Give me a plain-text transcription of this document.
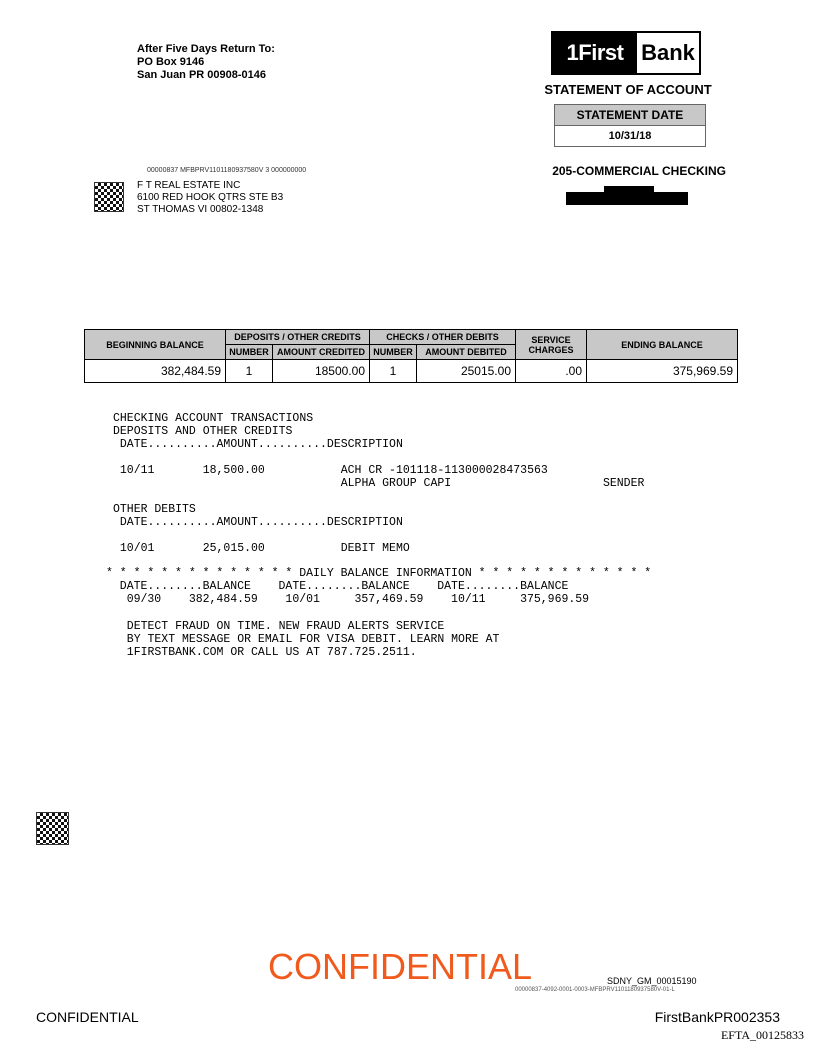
After Five Days Return To:
PO Box 9146
San Juan PR 00908-0146
1First Bank
STATEMENT OF ACCOUNT
STATEMENT DATE
10/31/18
205-COMMERCIAL CHECKING
00000837 MFBPRV1101180937580V 3 000000000
F T REAL ESTATE INC
6100 RED HOOK QTRS STE B3
ST THOMAS VI 00802-1348
BEGINNING BALANCE	DEPOSITS / OTHER CREDITS		CHECKS / OTHER DEBITS		SERVICE CHARGES	ENDING BALANCE
	NUMBER	AMOUNT CREDITED	NUMBER	AMOUNT DEBITED		
382,484.59	1	18500.00	1	25015.00	.00	375,969.59
CHECKING ACCOUNT TRANSACTIONS
DEPOSITS AND OTHER CREDITS
DATE..........AMOUNT..........DESCRIPTION
10/11       18,500.00           ACH CR -101118-113000028473563
ALPHA GROUP CAPI                      SENDER
OTHER DEBITS
DATE..........AMOUNT..........DESCRIPTION
10/01       25,015.00           DEBIT MEMO
* * * * * * * * * * * * * * DAILY BALANCE INFORMATION * * * * * * * * * * * * *
DATE........BALANCE    DATE........BALANCE    DATE........BALANCE
09/30    382,484.59    10/01     357,469.59    10/11     375,969.59
DETECT FRAUD ON TIME. NEW FRAUD ALERTS SERVICE
BY TEXT MESSAGE OR EMAIL FOR VISA DEBIT. LEARN MORE AT
1FIRSTBANK.COM OR CALL US AT 787.725.2511.
CONFIDENTIAL	SDNY_GM_00015190
00000837-4092-0001-0003-MFBPRV1101180937580V-01-L
CONFIDENTIAL	FirstBankPR002353
EFTA_00125833
